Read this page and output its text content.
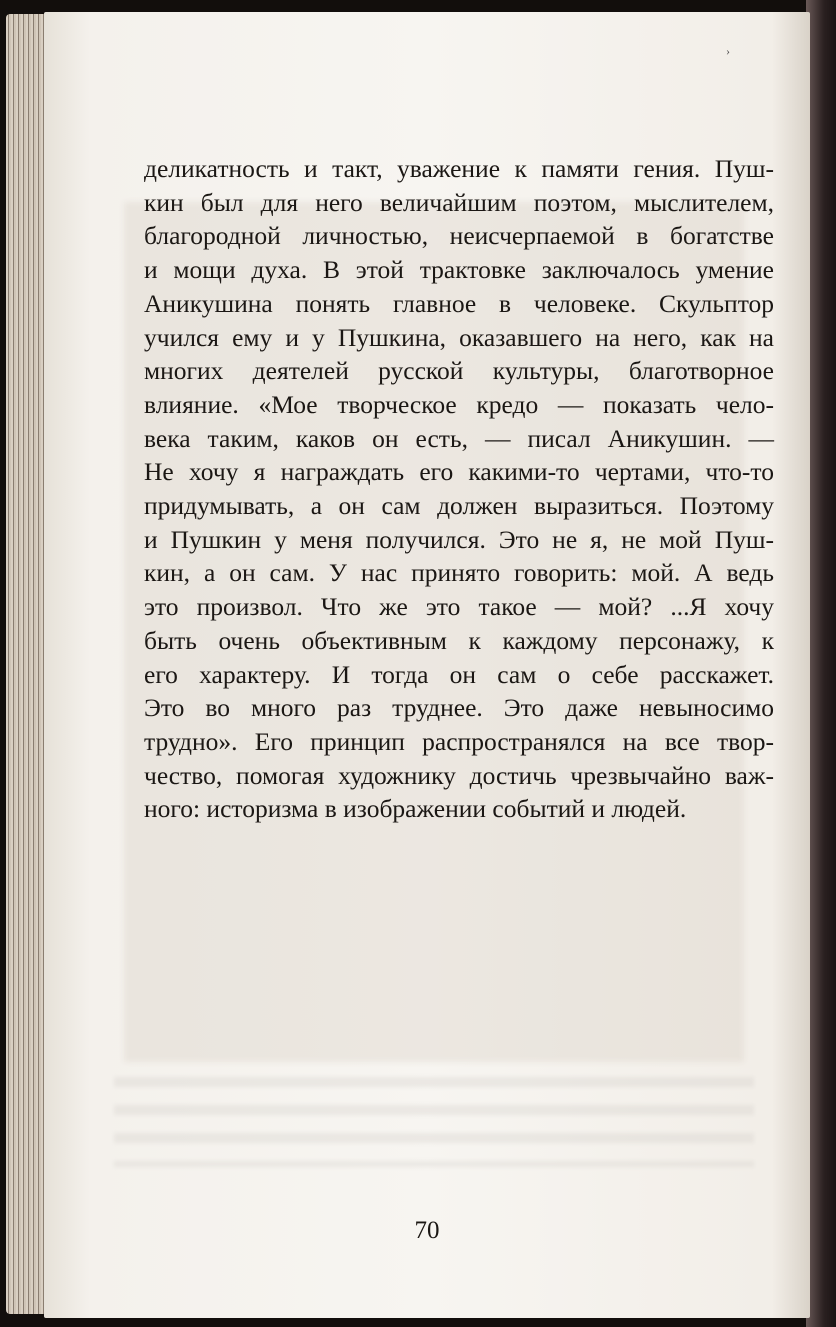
›
деликатность и такт, уважение к памяти гения. Пуш-
кин был для него величайшим поэтом, мыслителем,
благородной личностью, неисчерпаемой в богатстве
и мощи духа. В этой трактовке заключалось умение
Аникушина понять главное в человеке. Скульптор
учился ему и у Пушкина, оказавшего на него, как на
многих деятелей русской культуры, благотворное
влияние. «Мое творческое кредо — показать чело-
века таким, каков он есть, — писал Аникушин. —
Не хочу я награждать его какими-то чертами, что-то
придумывать, а он сам должен выразиться. Поэтому
и Пушкин у меня получился. Это не я, не мой Пуш-
кин, а он сам. У нас принято говорить: мой. А ведь
это произвол. Что же это такое — мой? ...Я хочу
быть очень объективным к каждому персонажу, к
его характеру. И тогда он сам о себе расскажет.
Это во много раз труднее. Это даже невыносимо
трудно». Его принцип распространялся на все твор-
чество, помогая художнику достичь чрезвычайно важ-
ного: историзма в изображении событий и людей.
70
